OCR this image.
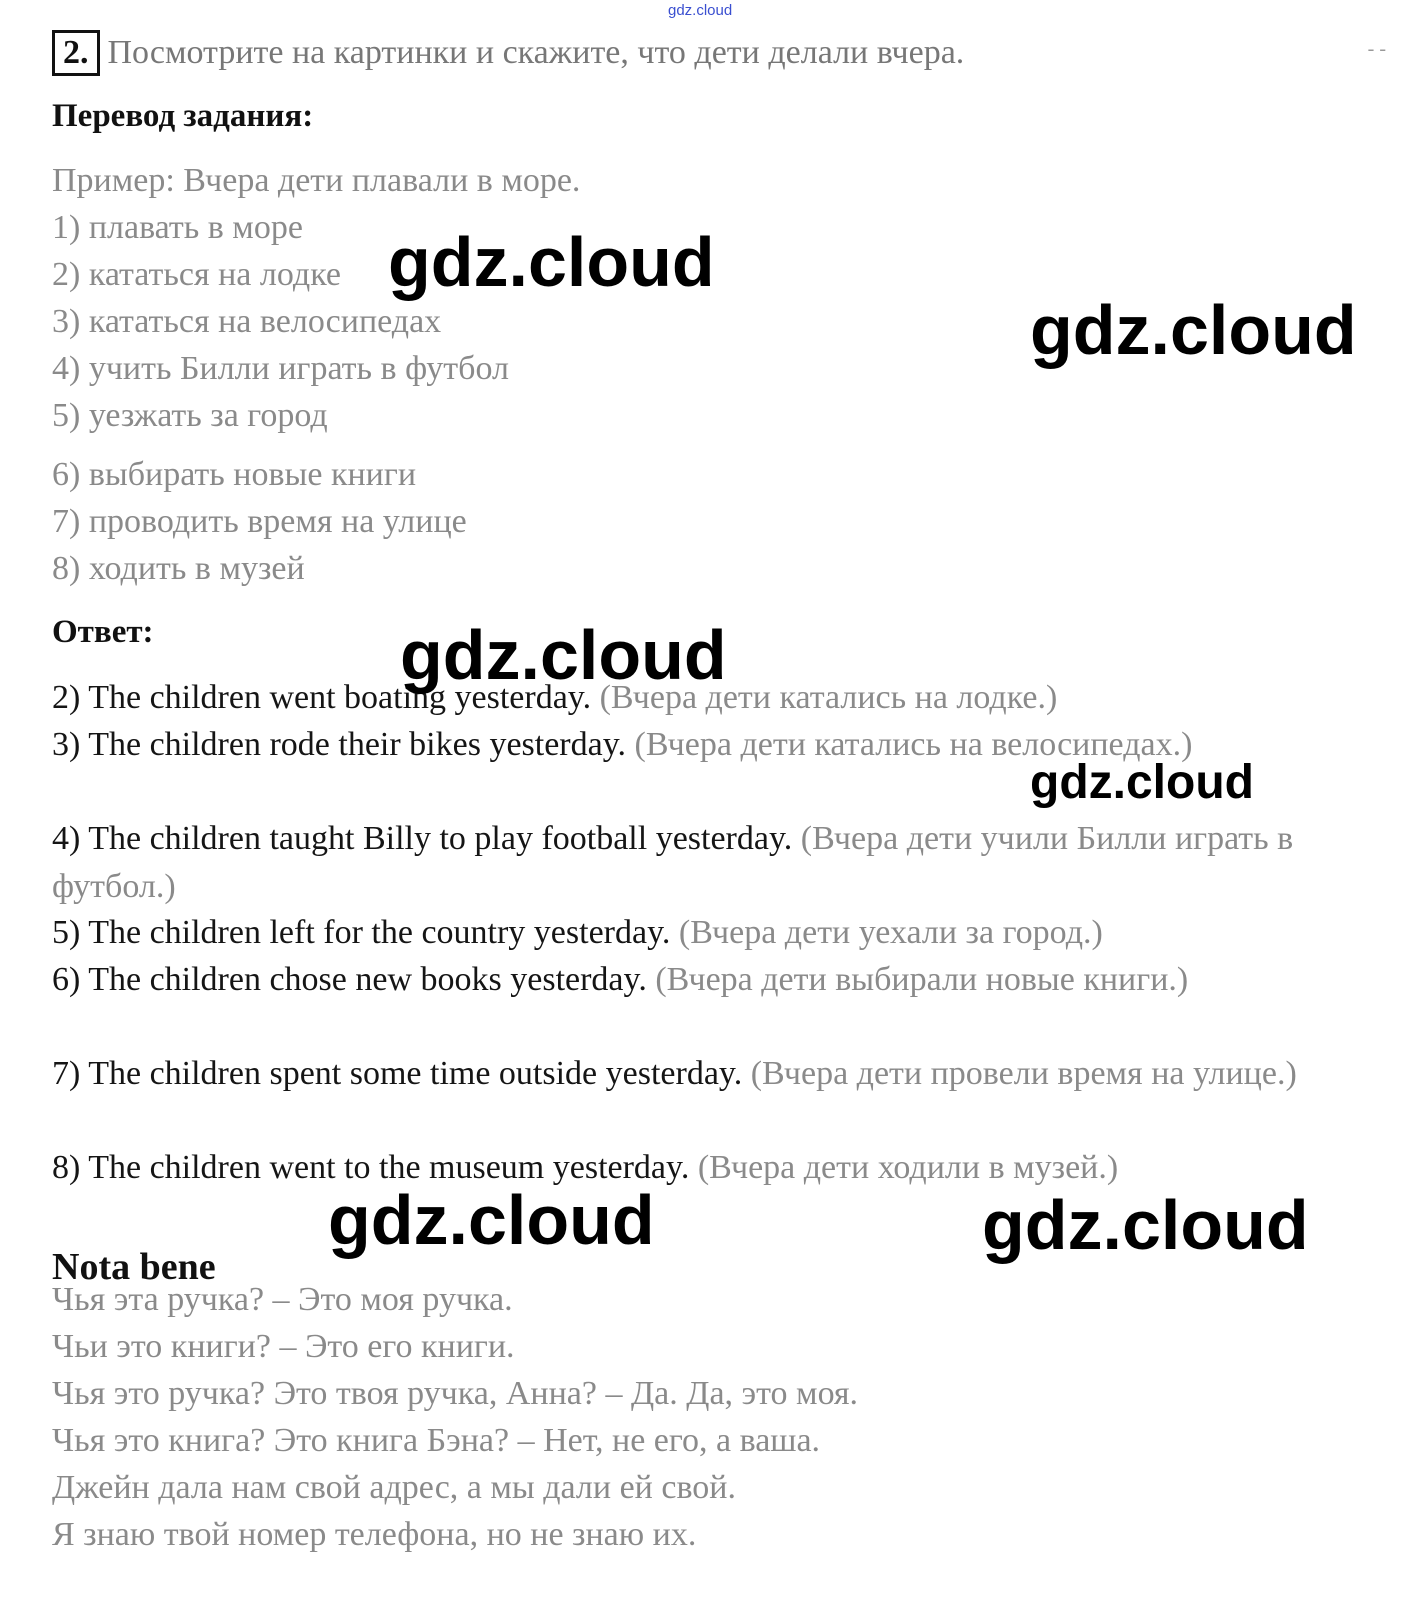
gdz.cloud
2. Посмотрите на картинки и скажите, что дети делали вчера.	- -
Перевод задания:
Пример: Вчера дети плавали в море.
1) плавать в море
2) кататься на лодке
3) кататься на велосипедах
4) учить Билли играть в футбол
5) уезжать за город
6) выбирать новые книги
7) проводить время на улице
8) ходить в музей
Ответ:
2) The children went boating yesterday. (Вчера дети катались на лодке.)
3) The children rode their bikes yesterday. (Вчера дети катались на велосипедах.)
4) The children taught Billy to play football yesterday. (Вчера дети учили Билли играть в футбол.)
5) The children left for the country yesterday. (Вчера дети уехали за город.)
6) The children chose new books yesterday. (Вчера дети выбирали новые книги.)
7) The children spent some time outside yesterday. (Вчера дети провели время на улице.)
8) The children went to the museum yesterday. (Вчера дети ходили в музей.)
Nota bene
Чья эта ручка? – Это моя ручка.
Чьи это книги? – Это его книги.
Чья это ручка? Это твоя ручка, Анна? – Да. Да, это моя.
Чья это книга? Это книга Бэна? – Нет, не его, а ваша.
Джейн дала нам свой адрес, а мы дали ей свой.
Я знаю твой номер телефона, но не знаю их.
gdz.cloud
gdz.cloud
gdz.cloud
gdz.cloud
gdz.cloud	gdz.cloud
